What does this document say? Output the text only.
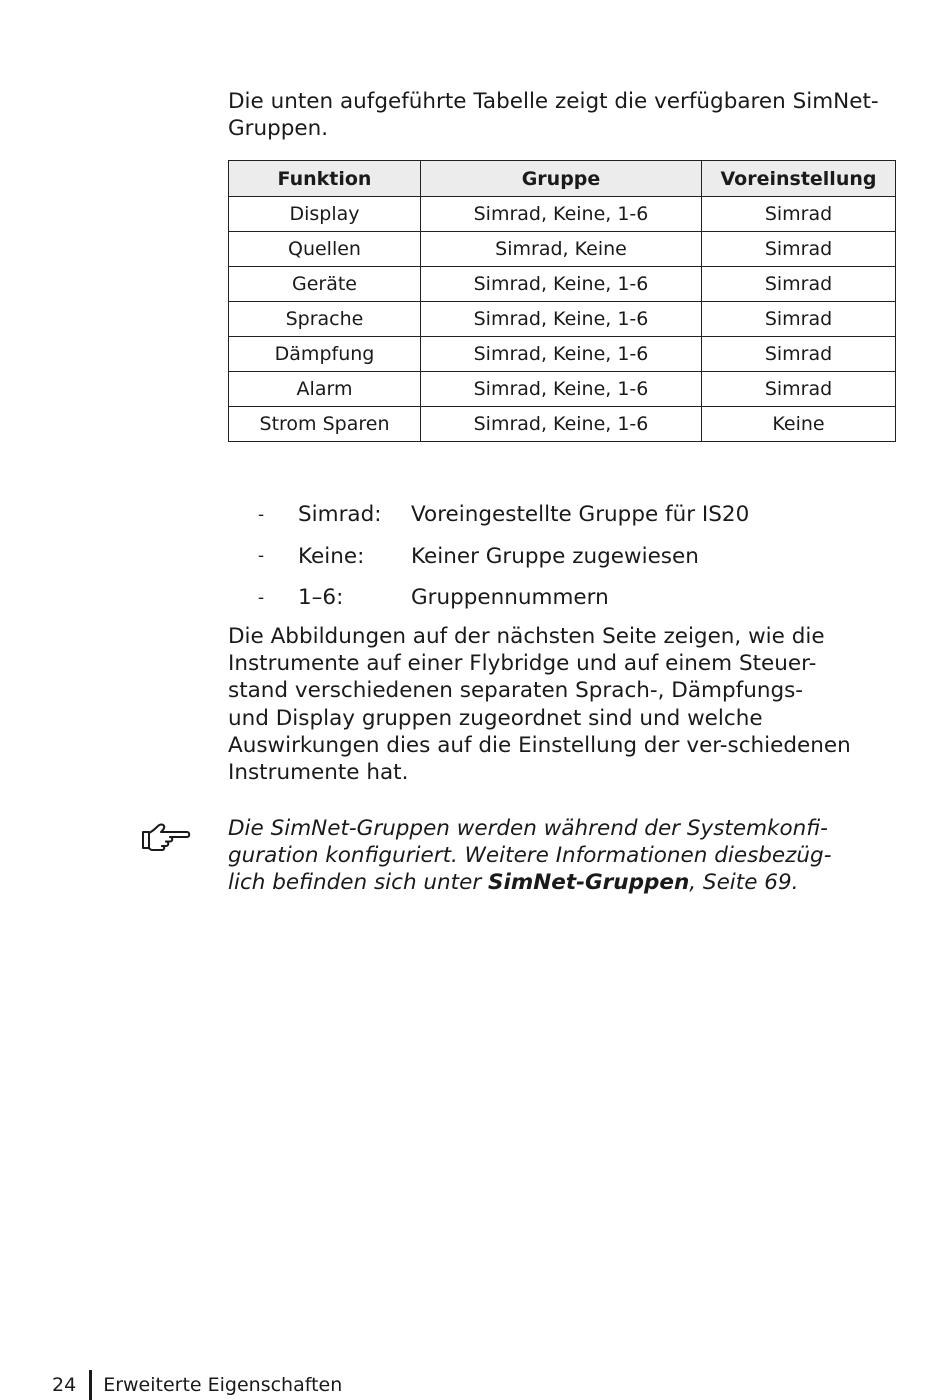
Die unten aufgeführte Tabelle zeigt die verfügbaren SimNet-Gruppen.

Funktion	Gruppe	Voreinstellung
Display	Simrad, Keine, 1-6	Simrad
Quellen	Simrad, Keine	Simrad
Geräte	Simrad, Keine, 1-6	Simrad
Sprache	Simrad, Keine, 1-6	Simrad
Dämpfung	Simrad, Keine, 1-6	Simrad
Alarm	Simrad, Keine, 1-6	Simrad
Strom Sparen	Simrad, Keine, 1-6	Keine
-	Simrad:	Voreingestellte Gruppe für IS20
-	Keine:	Keiner Gruppe zugewiesen
-	1–6:	Gruppennummern

Die Abbildungen auf der nächsten Seite zeigen, wie die
Instrumente auf einer Flybridge und auf einem Steuer-
stand verschiedenen separaten Sprach-, Dämpfungs-
und Display gruppen zugeordnet sind und welche
Auswirkungen dies auf die Einstellung der ver-schiedenen
Instrumente hat.

Die SimNet-Gruppen werden während der Systemkonfi-
guration konfiguriert. Weitere Informationen diesbezüg-
lich befinden sich unter SimNet-Gruppen, Seite 69.

24 Erweiterte Eigenschaften
